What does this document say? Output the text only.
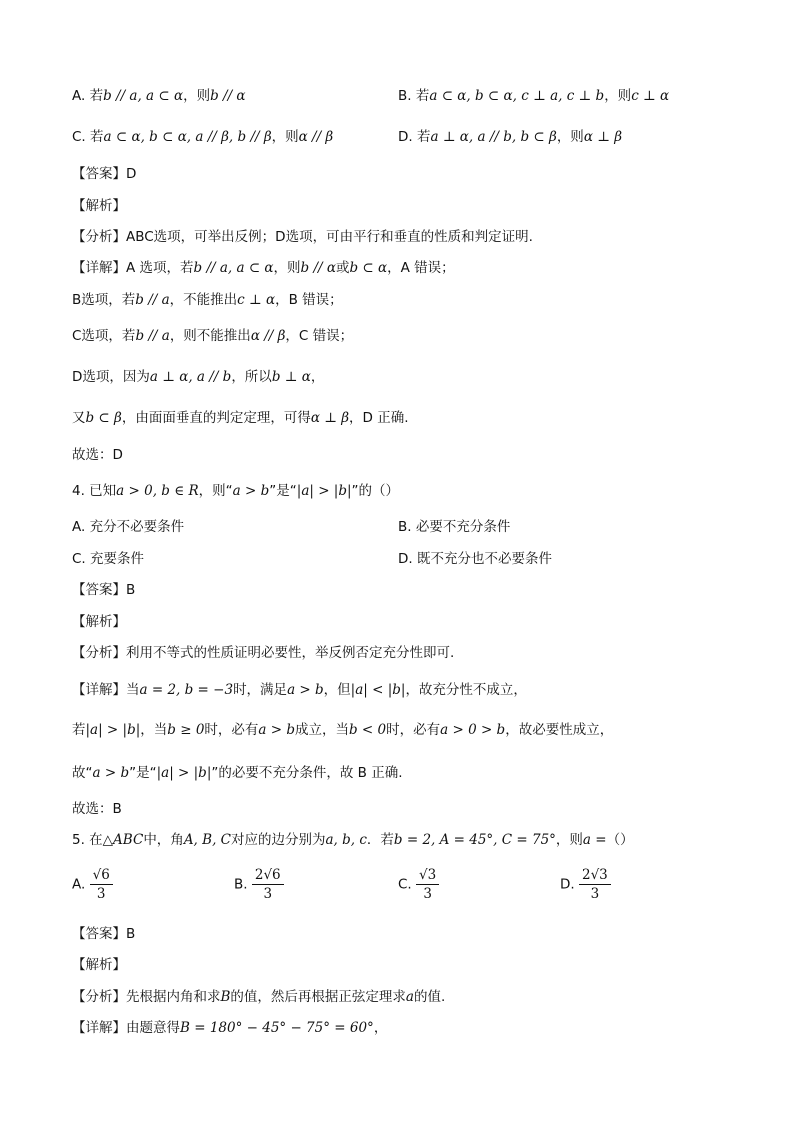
A. 若b // a, a ⊂ α，则b // α	B. 若a ⊂ α, b ⊂ α, c ⊥ a, c ⊥ b，则c ⊥ α
C. 若a ⊂ α, b ⊂ α, a // β, b // β，则α // β	D. 若a ⊥ α, a // b, b ⊂ β，则α ⊥ β
【答案】D
【解析】
【分析】ABC选项，可举出反例；D选项，可由平行和垂直的性质和判定证明.
【详解】A 选项，若b // a, a ⊂ α，则b // α或b ⊂ α，A 错误；
B选项，若b // a，不能推出c ⊥ α，B 错误；
C选项，若b // a，则不能推出α // β，C 错误；
D选项，因为a ⊥ α, a // b，所以b ⊥ α，
又b ⊂ β，由面面垂直的判定定理，可得α ⊥ β，D 正确.
故选：D
4. 已知a > 0, b ∈ R，则“a > b”是“|a| > |b|”的（）
A. 充分不必要条件	B. 必要不充分条件
C. 充要条件	D. 既不充分也不必要条件
【答案】B
【解析】
【分析】利用不等式的性质证明必要性，举反例否定充分性即可.
【详解】当a = 2, b = −3时，满足a > b，但|a| < |b|，故充分性不成立，
若|a| > |b|，当b ≥ 0时，必有a > b成立，当b < 0时，必有a > 0 > b，故必要性成立，
故“a > b”是“|a| > |b|”的必要不充分条件，故 B 正确.
故选：B
5. 在△ABC中，角A, B, C对应的边分别为a, b, c．若b = 2, A = 45°, C = 75°，则a =（）
A. $\frac{√6}{3}$	B. $\frac{2√6}{3}$	C. $\frac{√3}{3}$	D. $\frac{2√3}{3}$
【答案】B
【解析】
【分析】先根据内角和求B的值，然后再根据正弦定理求a的值.
【详解】由题意得B = 180° − 45° − 75° = 60°，
